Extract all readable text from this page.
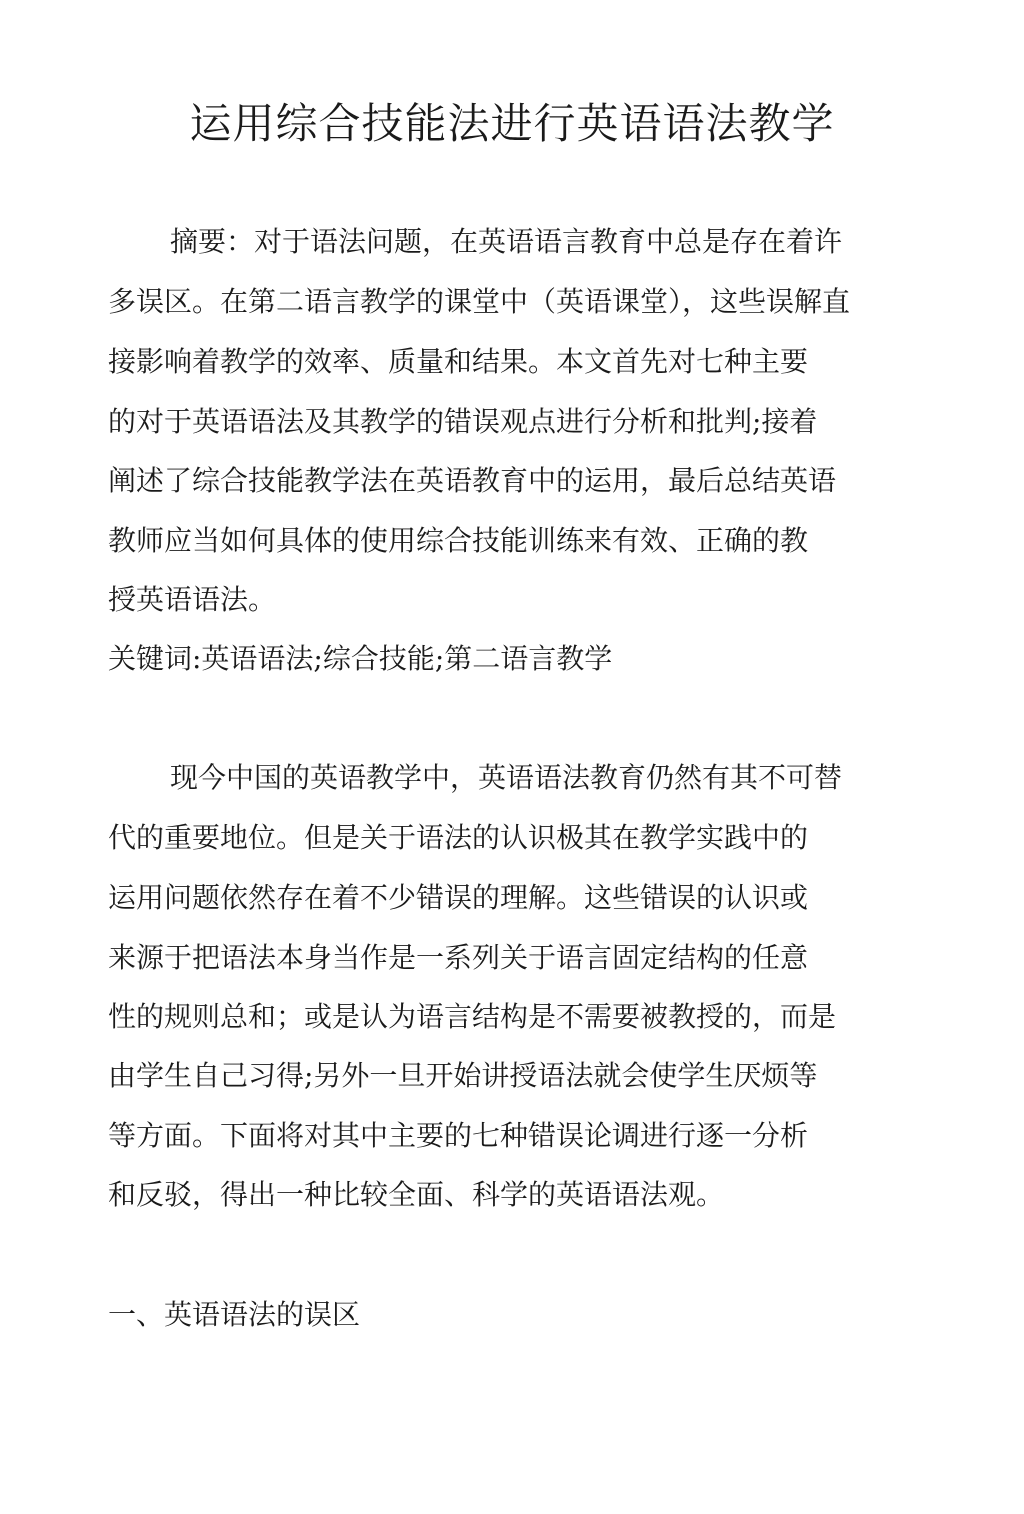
运用综合技能法进行英语语法教学

摘要：对于语法问题，在英语语言教育中总是存在着许

多误区。在第二语言教学的课堂中（英语课堂），这些误解直

接影响着教学的效率、质量和结果。本文首先对七种主要

的对于英语语法及其教学的错误观点进行分析和批判;接着

阐述了综合技能教学法在英语教育中的运用，最后总结英语

教师应当如何具体的使用综合技能训练来有效、正确的教

授英语语法。

关键词:英语语法;综合技能;第二语言教学

现今中国的英语教学中，英语语法教育仍然有其不可替

代的重要地位。但是关于语法的认识极其在教学实践中的

运用问题依然存在着不少错误的理解。这些错误的认识或

来源于把语法本身当作是一系列关于语言固定结构的任意

性的规则总和；或是认为语言结构是不需要被教授的，而是

由学生自己习得;另外一旦开始讲授语法就会使学生厌烦等

等方面。下面将对其中主要的七种错误论调进行逐一分析

和反驳，得出一种比较全面、科学的英语语法观。

一、英语语法的误区
